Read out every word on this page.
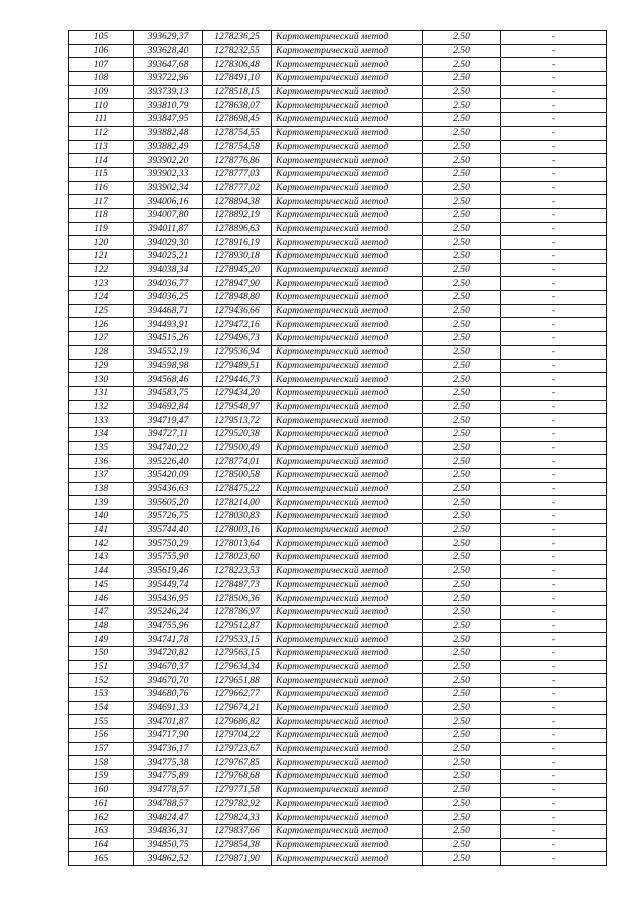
105	393629,37	1278236,25	Картометрический метод	2.50	-
106	393628,40	1278232,55	Картометрический метод	2.50	-
107	393647,68	1278306,48	Картометрический метод	2.50	-
108	393722,96	1278491,10	Картометрический метод	2.50	-
109	393739,13	1278518,15	Картометрический метод	2.50	-
110	393810,79	1278638,07	Картометрический метод	2.50	-
111	393847,95	1278698,45	Картометрический метод	2.50	-
112	393882,48	1278754,55	Картометрический метод	2.50	-
113	393882,49	1278754,58	Картометрический метод	2.50	-
114	393902,20	1278776,86	Картометрический метод	2.50	-
115	393902,33	1278777,03	Картометрический метод	2.50	-
116	393902,34	1278777,02	Картометрический метод	2.50	-
117	394006,16	1278894,38	Картометрический метод	2.50	-
118	394007,80	1278892,19	Картометрический метод	2.50	-
119	394011,87	1278896,63	Картометрический метод	2.50	-
120	394029,30	1278916,19	Картометрический метод	2.50	-
121	394025,21	1278930,18	Картометрический метод	2.50	-
122	394038,34	1278945,20	Картометрический метод	2.50	-
123	394036,77	1278947,90	Картометрический метод	2.50	-
124	394036,25	1278948,80	Картометрический метод	2.50	-
125	394468,71	1279436,66	Картометрический метод	2.50	-
126	394493,91	1279472,16	Картометрический метод	2.50	-
127	394515,26	1279496,73	Картометрический метод	2.50	-
128	394552,19	1279536,94	Картометрический метод	2.50	-
129	394598,98	1279489,51	Картометрический метод	2.50	-
130	394568,46	1279446,73	Картометрический метод	2.50	-
131	394583,75	1279434,20	Картометрический метод	2.50	-
132	394692,84	1279548,97	Картометрический метод	2.50	-
133	394719,47	1279513,72	Картометрический метод	2.50	-
134	394727,11	1279520,38	Картометрический метод	2.50	-
135	394740,22	1279500,49	Картометрический метод	2.50	-
136	395226,40	1278774,01	Картометрический метод	2.50	-
137	395420,09	1278500,58	Картометрический метод	2.50	-
138	395436,63	1278475,22	Картометрический метод	2.50	-
139	395605,20	1278214,00	Картометрический метод	2.50	-
140	395726,75	1278030,83	Картометрический метод	2.50	-
141	395744,40	1278003,16	Картометрический метод	2.50	-
142	395750,29	1278013,64	Картометрический метод	2.50	-
143	395755,90	1278023,60	Картометрический метод	2.50	-
144	395619,46	1278223,53	Картометрический метод	2.50	-
145	395449,74	1278487,73	Картометрический метод	2.50	-
146	395436,95	1278506,36	Картометрический метод	2.50	-
147	395246,24	1278786,97	Картометрический метод	2.50	-
148	394755,96	1279512,87	Картометрический метод	2.50	-
149	394741,78	1279533,15	Картометрический метод	2.50	-
150	394720,82	1279563,15	Картометрический метод	2.50	-
151	394670,37	1279634,34	Картометрический метод	2.50	-
152	394670,70	1279651,88	Картометрический метод	2.50	-
153	394680,76	1279662,77	Картометрический метод	2.50	-
154	394691,33	1279674,21	Картометрический метод	2.50	-
155	394701,87	1279686,82	Картометрический метод	2.50	-
156	394717,90	1279704,22	Картометрический метод	2.50	-
157	394736,17	1279723,67	Картометрический метод	2.50	-
158	394775,38	1279767,85	Картометрический метод	2.50	-
159	394775,89	1279768,68	Картометрический метод	2.50	-
160	394778,57	1279771,58	Картометрический метод	2.50	-
161	394788,57	1279782,92	Картометрический метод	2.50	-
162	394824,47	1279824,33	Картометрический метод	2.50	-
163	394836,31	1279837,66	Картометрический метод	2.50	-
164	394850,75	1279854,38	Картометрический метод	2.50	-
165	394862,52	1279871,90	Картометрический метод	2.50	-
